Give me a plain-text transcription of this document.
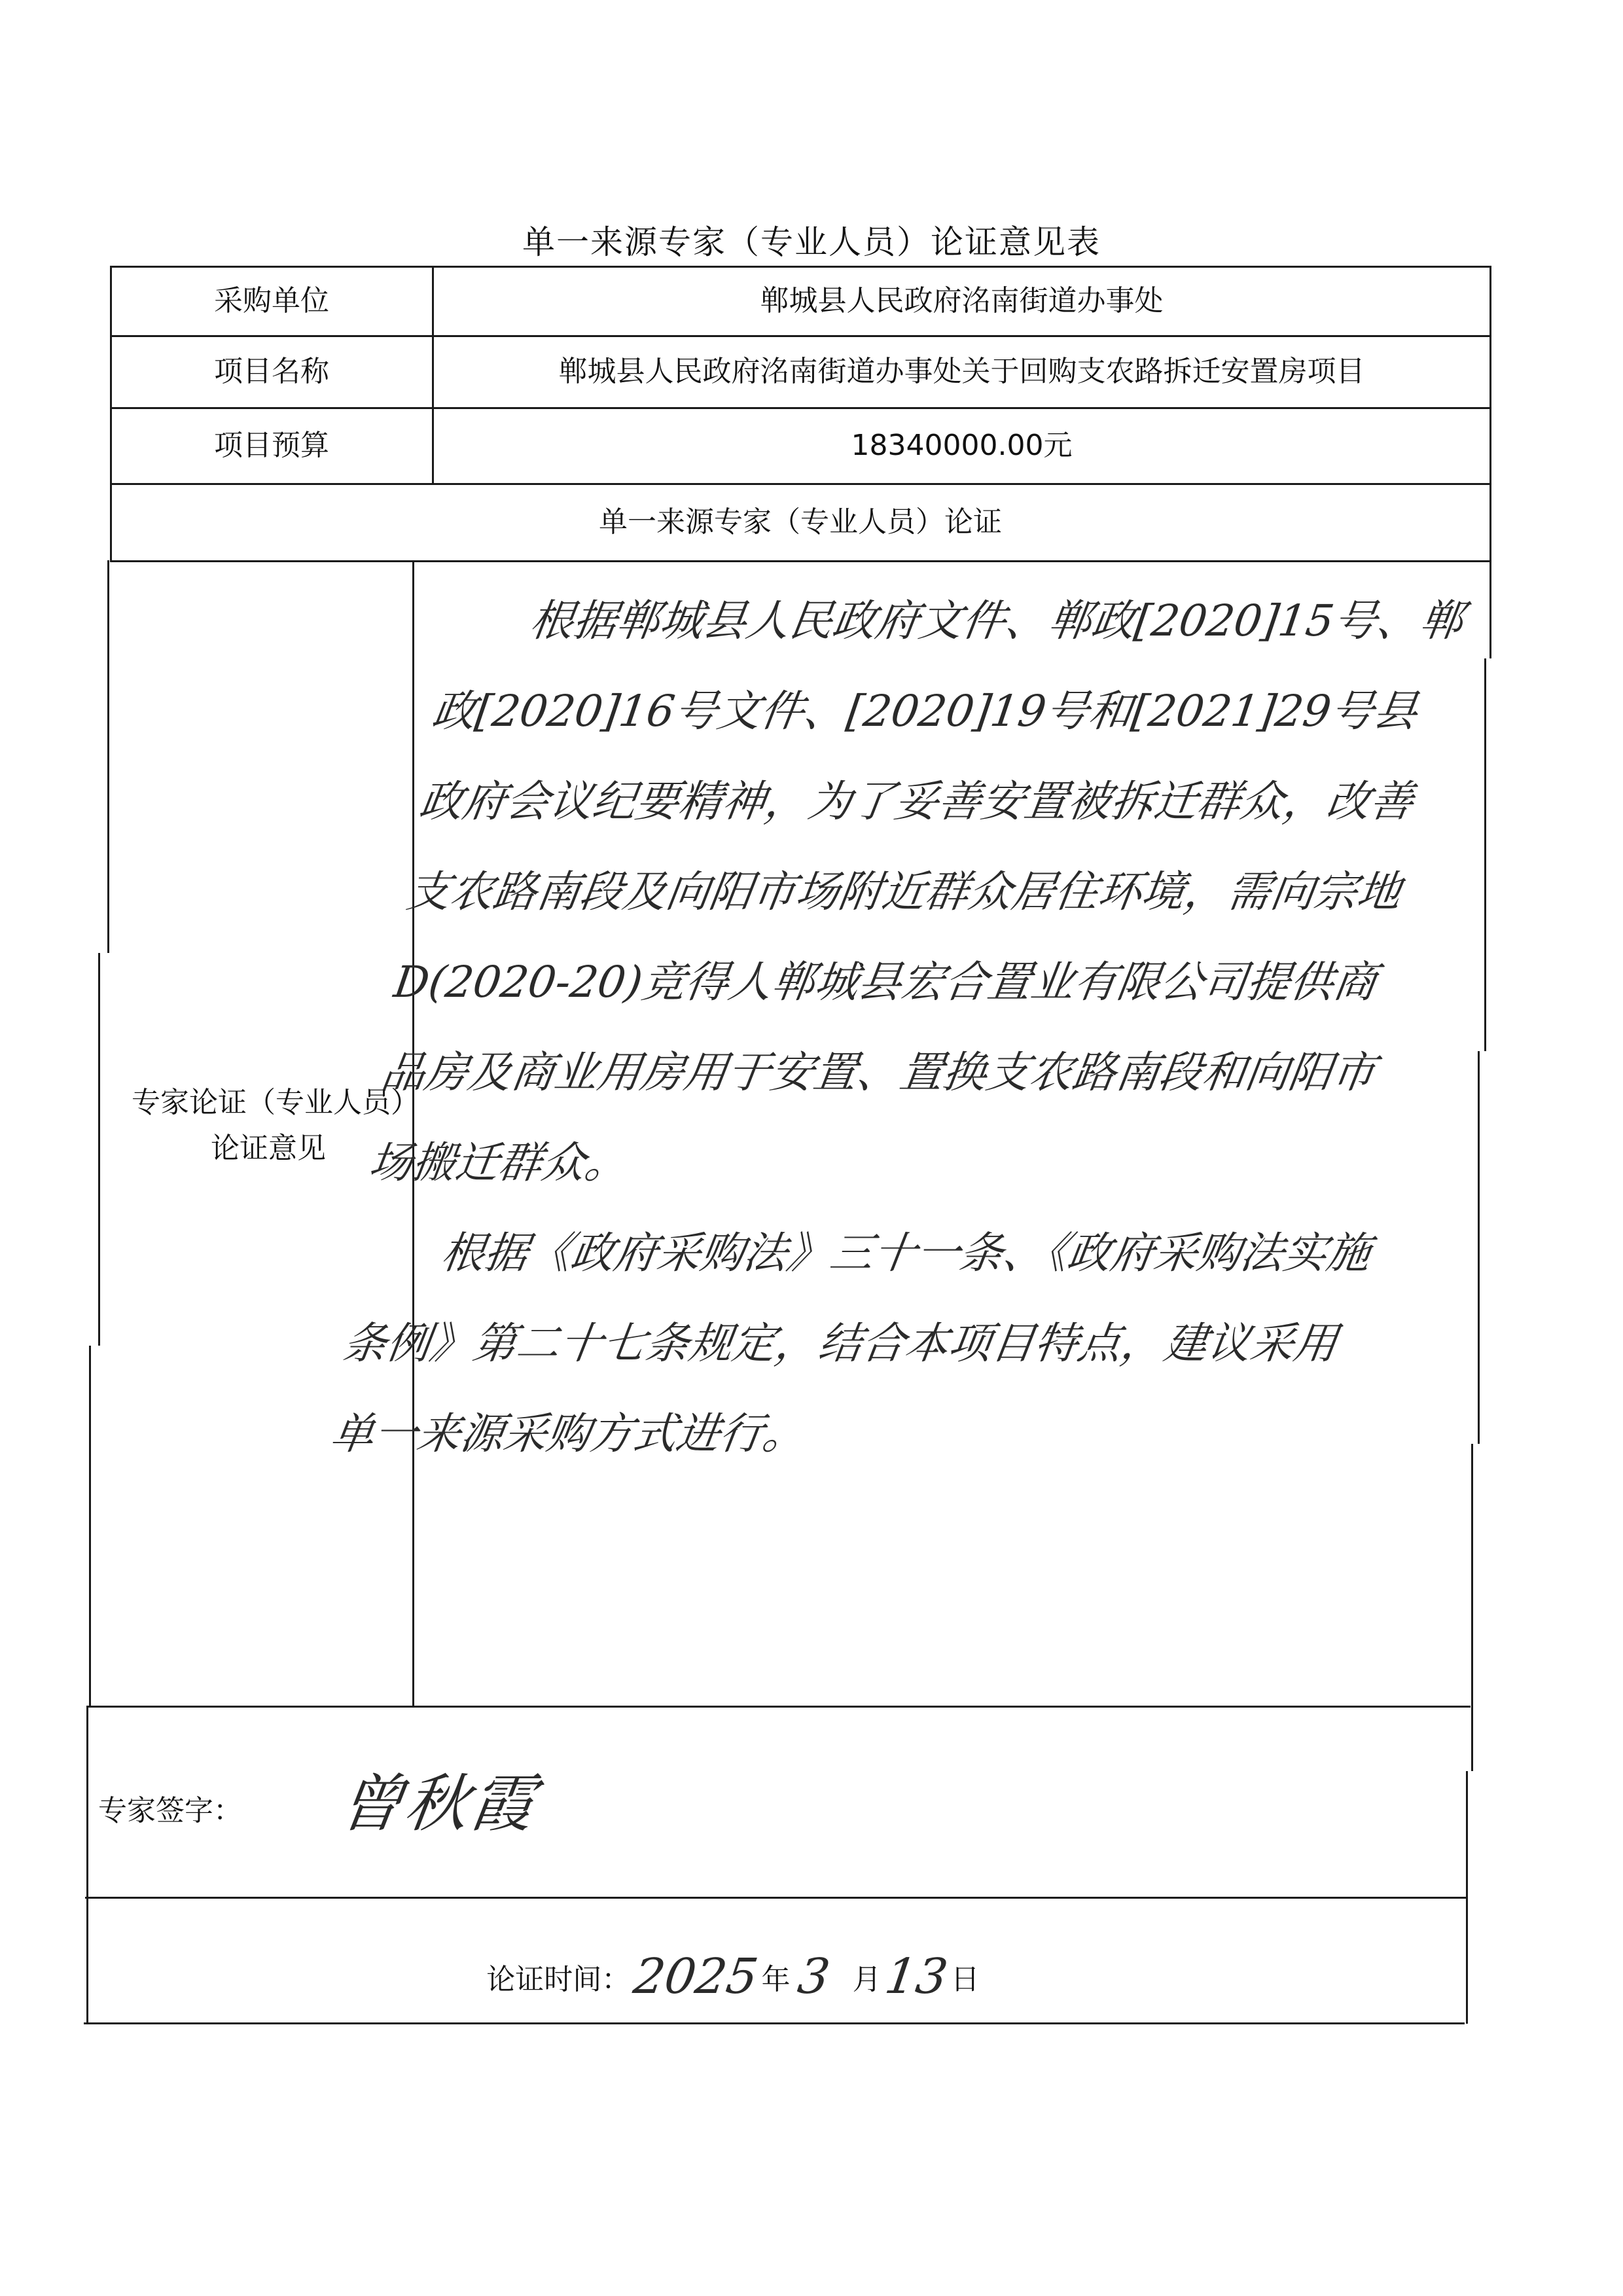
单一来源专家（专业人员）论证意见表
采购单位	郸城县人民政府洺南街道办事处
项目名称	郸城县人民政府洺南街道办事处关于回购支农路拆迁安置房项目
项目预算	18340000.00元
单一来源专家（专业人员）论证
专家论证（专业人员）论证意见

根据郸城县人民政府文件、郸政[2020]15号、郸政[2020]16号文件、[2020]19号和[2021]29号县政府会议纪要精神，为了妥善安置被拆迁群众，改善支农路南段及向阳市场附近群众居住环境，需向宗地D(2020-20)竞得人郸城县宏合置业有限公司提供商品房及商业用房用于安置、置换支农路南段和向阳市场搬迁群众。

根据《政府采购法》三十一条、《政府采购法实施条例》第二十七条规定，结合本项目特点，建议采用单一来源采购方式进行。

专家签字： 曾秋霞
论证时间： 2025 年 3 月 13 日
